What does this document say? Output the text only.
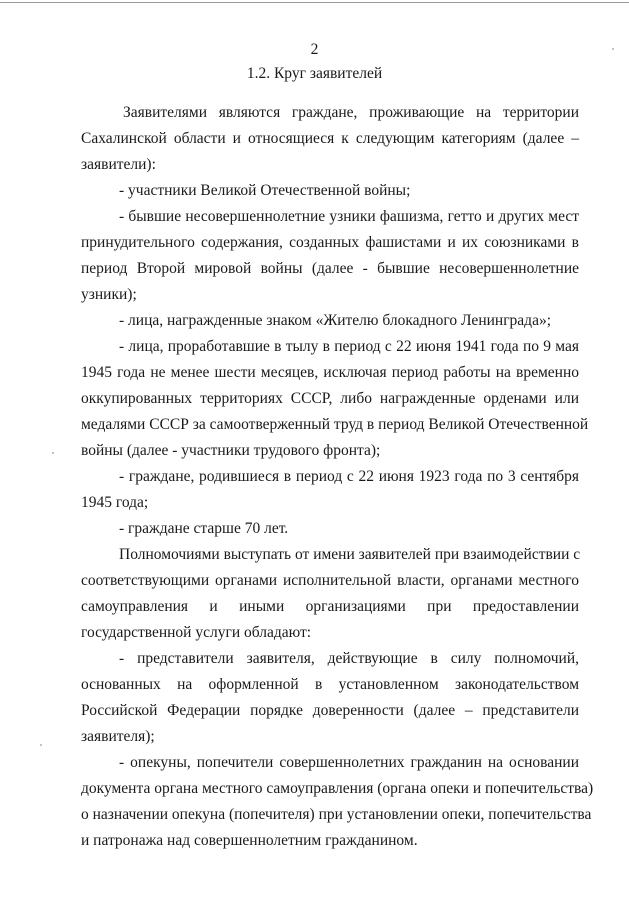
2
1.2. Круг заявителей
Заявителями являются граждане, проживающие на территории
Сахалинской области и относящиеся к следующим категориям (далее –
заявители):
- участники Великой Отечественной войны;
- бывшие несовершеннолетние узники фашизма, гетто и других мест
принудительного содержания, созданных фашистами и их союзниками в
период Второй мировой войны (далее - бывшие несовершеннолетние
узники);
- лица, награжденные знаком «Жителю блокадного Ленинграда»;
- лица, проработавшие в тылу в период с 22 июня 1941 года по 9 мая
1945 года не менее шести месяцев, исключая период работы на временно
оккупированных территориях СССР, либо награжденные орденами или
медалями СССР за самоотверженный труд в период Великой Отечественной
войны (далее - участники трудового фронта);
- граждане, родившиеся в период с 22 июня 1923 года по 3 сентября
1945 года;
- граждане старше 70 лет.
Полномочиями выступать от имени заявителей при взаимодействии с
соответствующими органами исполнительной власти, органами местного
самоуправления и иными организациями при предоставлении
государственной услуги обладают:
- представители заявителя, действующие в силу полномочий,
основанных на оформленной в установленном законодательством
Российской Федерации порядке доверенности (далее – представители
заявителя);
- опекуны, попечители совершеннолетних гражданин на основании
документа органа местного самоуправления (органа опеки и попечительства)
о назначении опекуна (попечителя) при установлении опеки, попечительства
и патронажа над совершеннолетним гражданином.
